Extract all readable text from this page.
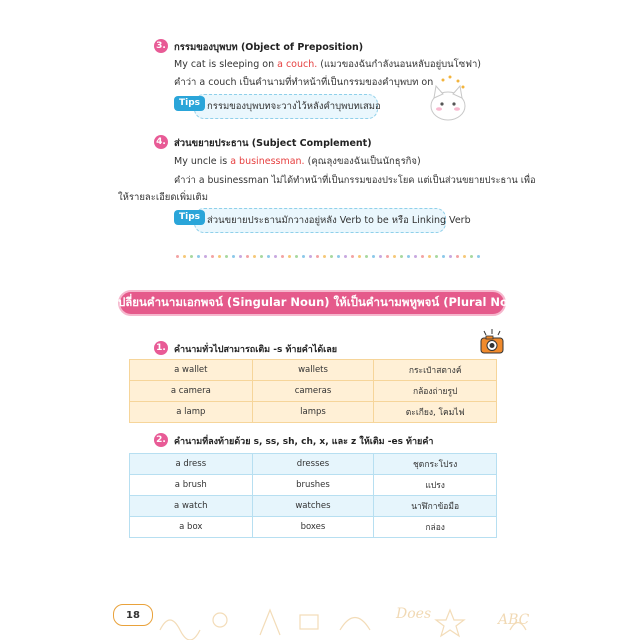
3. กรรมของบุพบท (Object of Preposition)
My cat is sleeping on a couch. (แมวของฉันกำลังนอนหลับอยู่บนโซฟา)
คำว่า a couch เป็นคำนามที่ทำหน้าที่เป็นกรรมของคำบุพบท on
กรรมของบุพบทจะวางไว้หลังคำบุพบทเสมอ
Tips
4. ส่วนขยายประธาน (Subject Complement)
My uncle is a businessman. (คุณลุงของฉันเป็นนักธุรกิจ)
คำว่า a businessman ไม่ได้ทำหน้าที่เป็นกรรมของประโยค แต่เป็นส่วนขยายประธาน เพื่อ
ให้รายละเอียดเพิ่มเติม
ส่วนขยายประธานมักวางอยู่หลัง Verb to be หรือ Linking Verb
Tips
การเปลี่ยนคำนามเอกพจน์ (Singular Noun) ให้เป็นคำนามพหูพจน์ (Plural Noun)
1. คำนามทั่วไปสามารถเติม -s ท้ายคำได้เลย
a wallet	wallets	กระเป๋าสตางค์
a camera	cameras	กล้องถ่ายรูป
a lamp	lamps	ตะเกียง, โคมไฟ
2. คำนามที่ลงท้ายด้วย s, ss, sh, ch, x, และ z ให้เติม -es ท้ายคำ
a dress	dresses	ชุดกระโปรง
a brush	brushes	แปรง
a watch	watches	นาฬิกาข้อมือ
a box	boxes	กล่อง
Does	ABC
18
